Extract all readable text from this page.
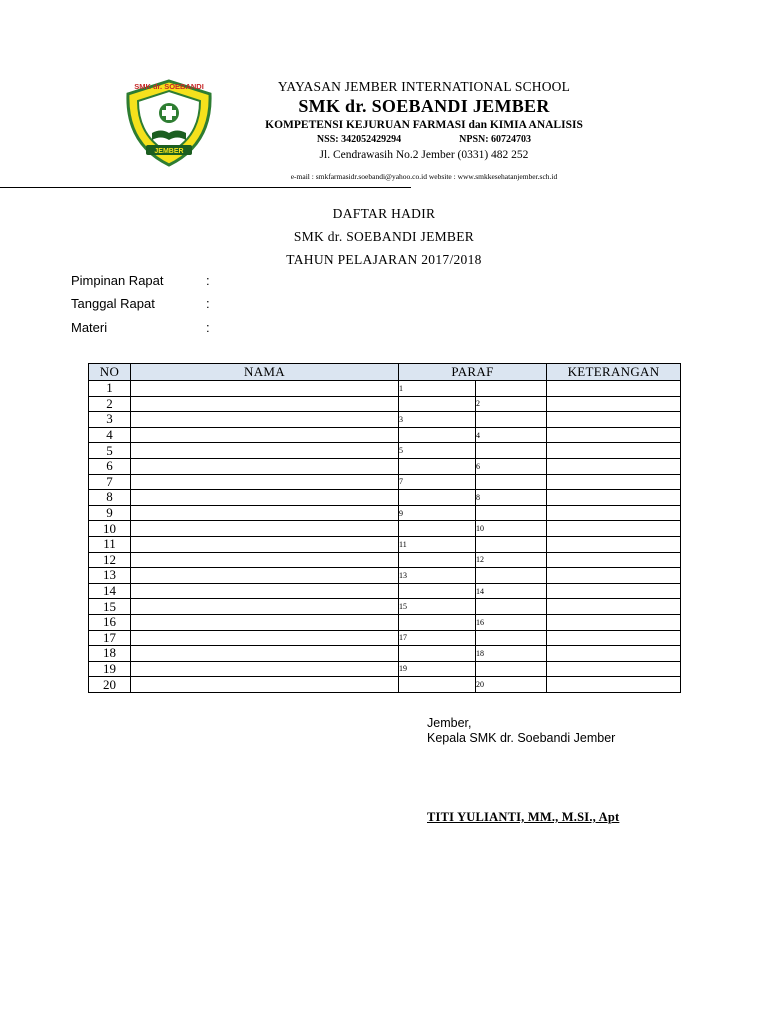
SMK dr. SOEBANDI
JEMBER
YAYASAN JEMBER INTERNATIONAL SCHOOL
SMK dr. SOEBANDI JEMBER
KOMPETENSI KEJURUAN FARMASI dan KIMIA ANALISIS
NSS: 342052429294	NPSN: 60724703
Jl. Cendrawasih No.2 Jember (0331) 482 252
e-mail : smkfarmasidr.soebandi@yahoo.co.id website : www.smkkesehatanjember.sch.id
DAFTAR HADIR
SMK dr. SOEBANDI JEMBER
TAHUN PELAJARAN 2017/2018
Pimpinan Rapat	:
Tanggal Rapat	:
Materi	:
NO	NAMA	PARAF		KETERANGAN
1		1		
2			2	
3		3		
4			4	
5		5		
6			6	
7		7		
8			8	
9		9		
10			10	
11		11		
12			12	
13		13		
14			14	
15		15		
16			16	
17		17		
18			18	
19		19		
20			20	
Jember,
Kepala SMK dr. Soebandi Jember
TITI YULIANTI, MM., M.SI., Apt
